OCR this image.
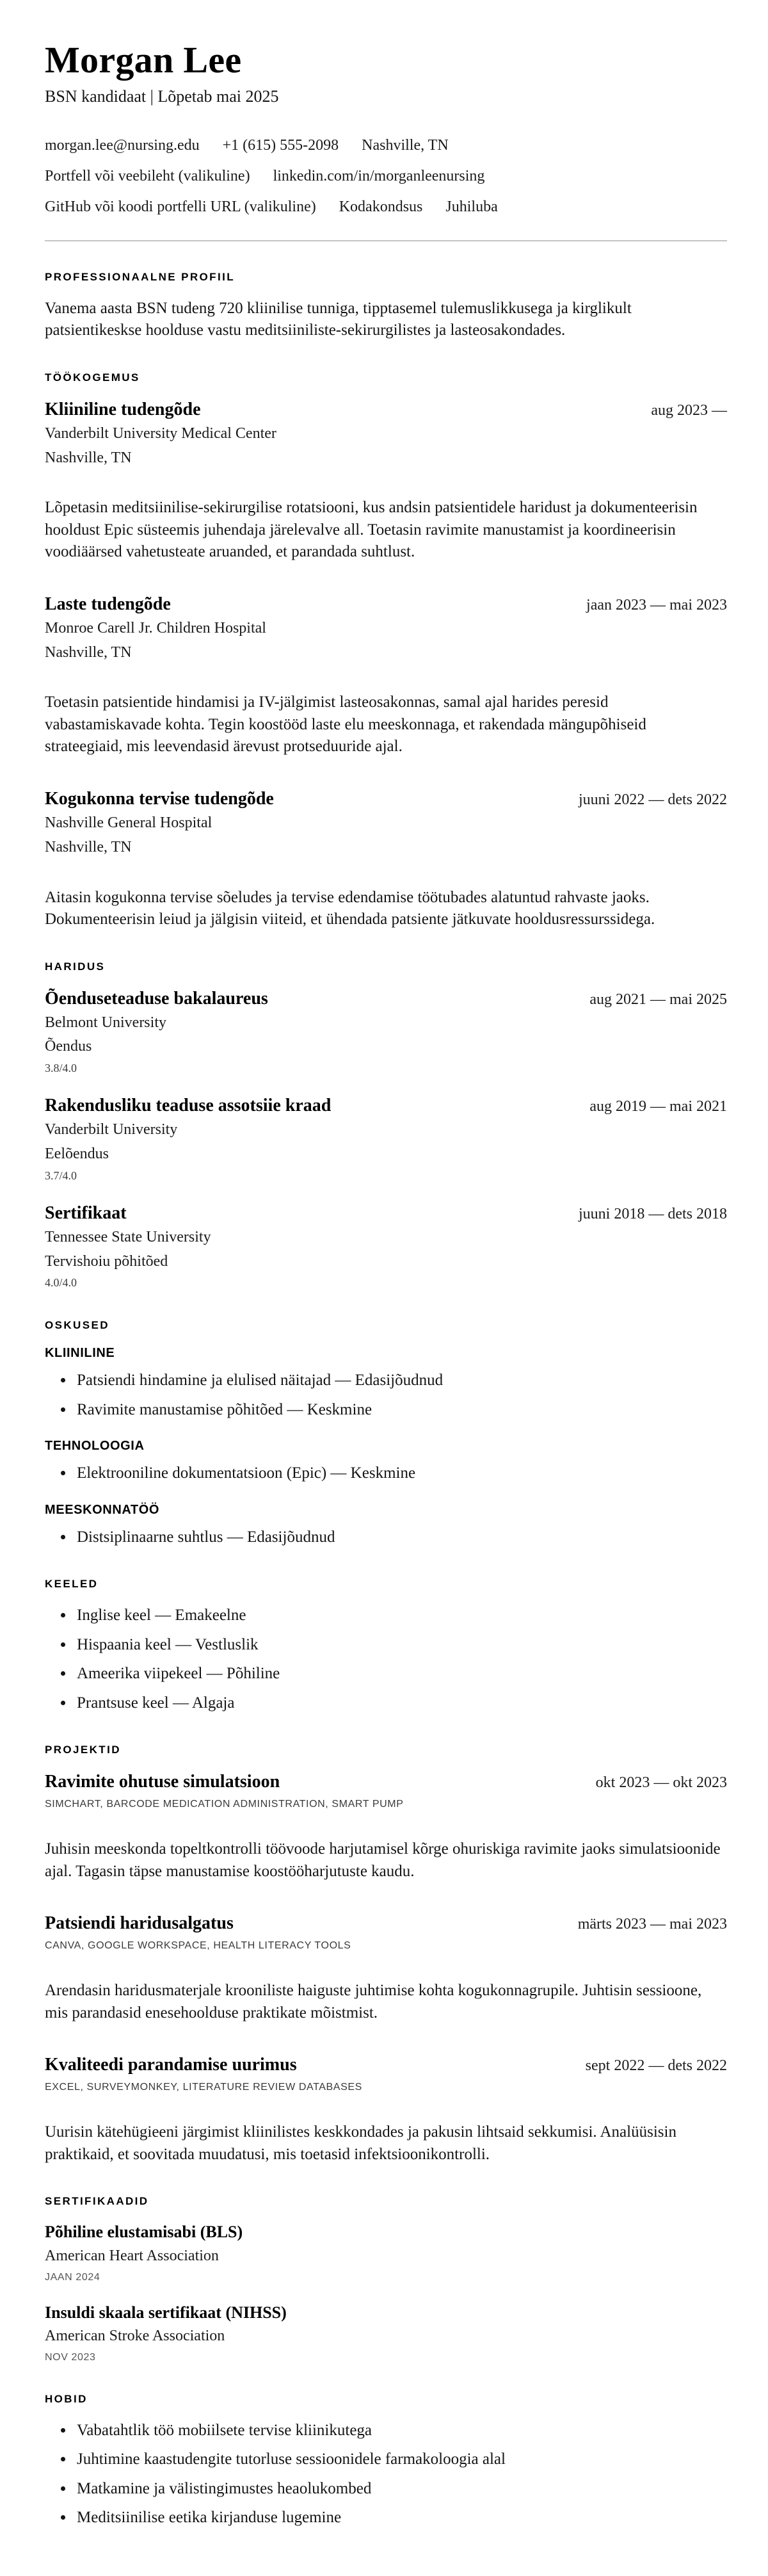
Morgan Lee
BSN kandidaat | Lõpetab mai 2025
morgan.lee@nursing.edu +1 (615) 555-2098 Nashville, TN
Portfell või veebileht (valikuline) linkedin.com/in/morganleenursing
GitHub või koodi portfelli URL (valikuline) Kodakondsus Juhiluba
PROFESSIONAALNE PROFIIL

Vanema aasta BSN tudeng 720 kliinilise tunniga, tipptasemel tulemuslikkusega ja kirglikult patsientikeskse hoolduse vastu meditsiiniliste-sekirurgilistes ja lasteosakondades.

TÖÖKOGEMUS
Kliiniline tudengõde	aug 2023 —
Vanderbilt University Medical Center
Nashville, TN

Lõpetasin meditsiinilise-sekirurgilise rotatsiooni, kus andsin patsientidele haridust ja dokumenteerisin hooldust Epic süsteemis juhendaja järelevalve all. Toetasin ravimite manustamist ja koordineerisin voodiäärsed vahetusteate aruanded, et parandada suhtlust.

Laste tudengõde	jaan 2023 — mai 2023
Monroe Carell Jr. Children Hospital
Nashville, TN

Toetasin patsientide hindamisi ja IV-jälgimist lasteosakonnas, samal ajal harides peresid vabastamiskavade kohta. Tegin koostööd laste elu meeskonnaga, et rakendada mängupõhiseid strateegiaid, mis leevendasid ärevust protseduuride ajal.

Kogukonna tervise tudengõde	juuni 2022 — dets 2022
Nashville General Hospital
Nashville, TN

Aitasin kogukonna tervise sõeludes ja tervise edendamise töötubades alatuntud rahvaste jaoks. Dokumenteerisin leiud ja jälgisin viiteid, et ühendada patsiente jätkuvate hooldusressurssidega.

HARIDUS
Õenduseteaduse bakalaureus	aug 2021 — mai 2025
Belmont University
Õendus
3.8/4.0
Rakendusliku teaduse assotsiie kraad	aug 2019 — mai 2021
Vanderbilt University
Eelõendus
3.7/4.0
Sertifikaat	juuni 2018 — dets 2018
Tennessee State University
Tervishoiu põhitõed
4.0/4.0
OSKUSED
KLIINILINE
• Patsiendi hindamine ja elulised näitajad — Edasijõudnud
• Ravimite manustamise põhitõed — Keskmine
TEHNOLOOGIA
• Elektrooniline dokumentatsioon (Epic) — Keskmine
MEESKONNATÖÖ
• Distsiplinaarne suhtlus — Edasijõudnud
KEELED
• Inglise keel — Emakeelne
• Hispaania keel — Vestluslik
• Ameerika viipekeel — Põhiline
• Prantsuse keel — Algaja
PROJEKTID
Ravimite ohutuse simulatsioon	okt 2023 — okt 2023
SIMCHART, BARCODE MEDICATION ADMINISTRATION, SMART PUMP

Juhisin meeskonda topeltkontrolli töövoode harjutamisel kõrge ohuriskiga ravimite jaoks simulatsioonide ajal. Tagasin täpse manustamise koostööharjutuste kaudu.

Patsiendi haridusalgatus	märts 2023 — mai 2023
CANVA, GOOGLE WORKSPACE, HEALTH LITERACY TOOLS

Arendasin haridusmaterjale krooniliste haiguste juhtimise kohta kogukonnagrupile. Juhtisin sessioone, mis parandasid enesehoolduse praktikate mõistmist.

Kvaliteedi parandamise uurimus	sept 2022 — dets 2022
EXCEL, SURVEYMONKEY, LITERATURE REVIEW DATABASES

Uurisin kätehügieeni järgimist kliinilistes keskkondades ja pakusin lihtsaid sekkumisi. Analüüsisin praktikaid, et soovitada muudatusi, mis toetasid infektsioonikontrolli.

SERTIFIKAADID
Põhiline elustamisabi (BLS)
American Heart Association
JAAN 2024
Insuldi skaala sertifikaat (NIHSS)
American Stroke Association
NOV 2023
HOBID
• Vabatahtlik töö mobiilsete tervise kliinikutega
• Juhtimine kaastudengite tutorluse sessioonidele farmakoloogia alal
• Matkamine ja välistingimustes heaolukombed
• Meditsiinilise eetika kirjanduse lugemine
